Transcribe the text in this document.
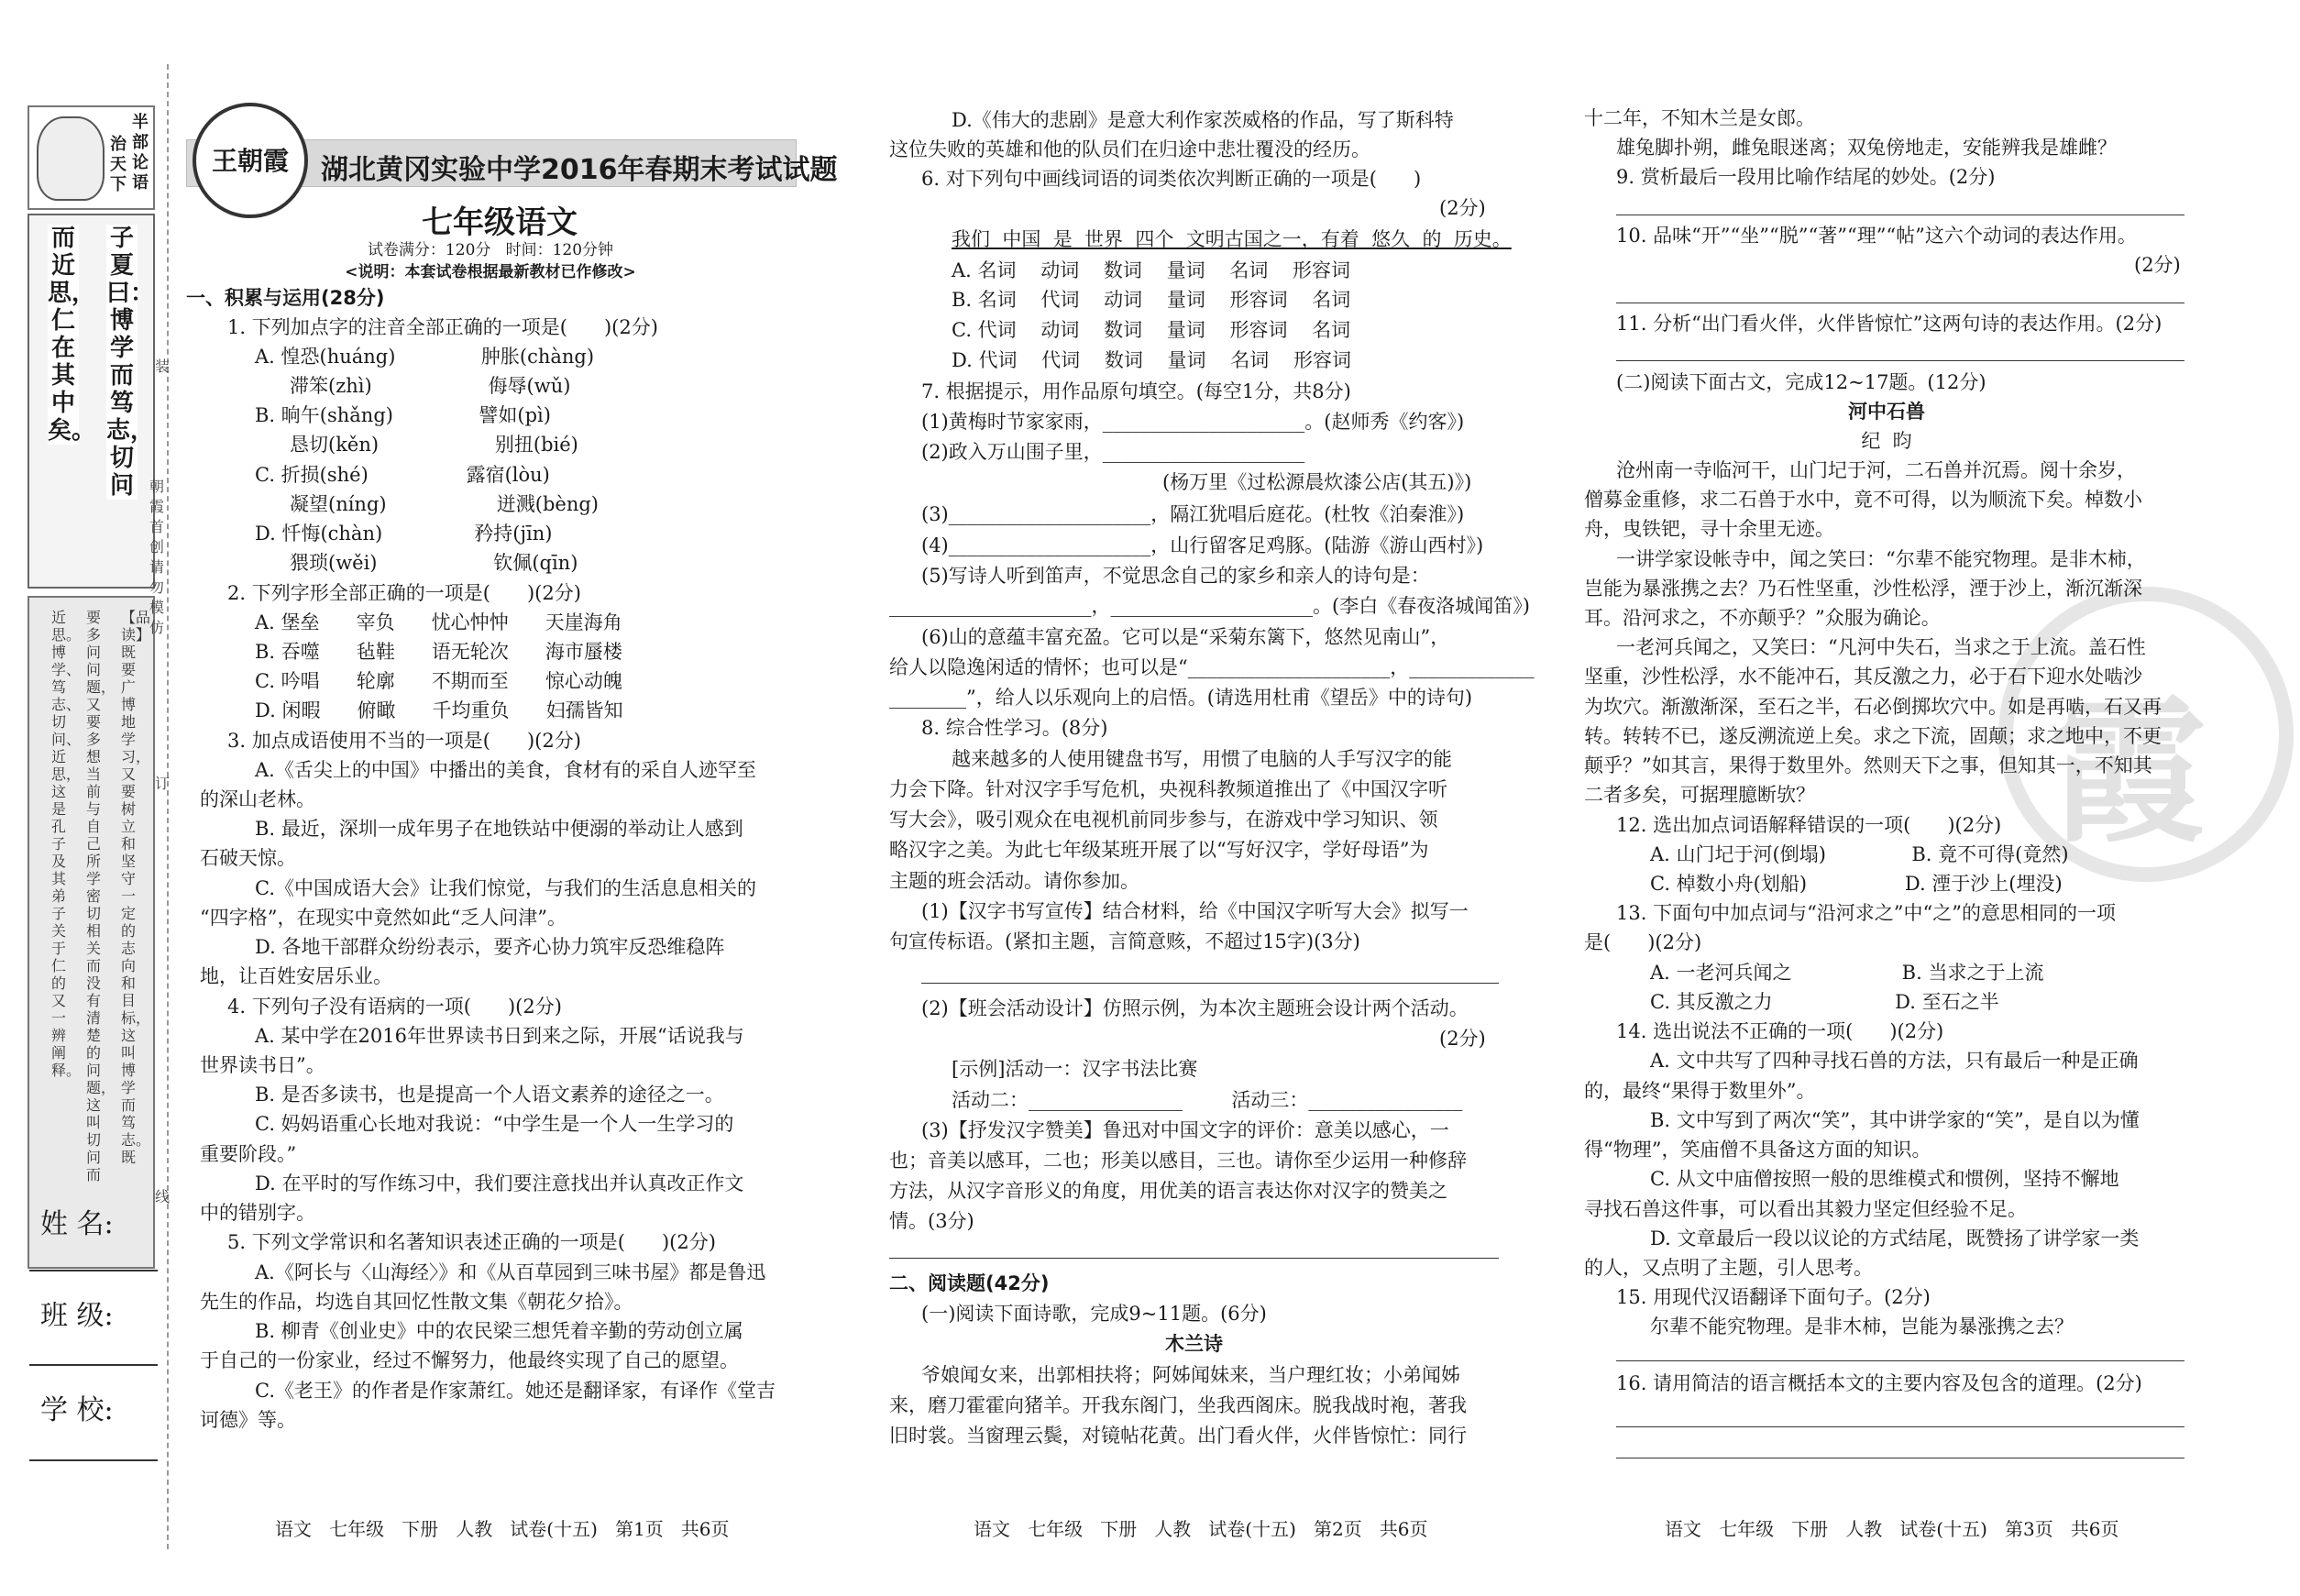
半部论语
治天下
子夏曰：博学而笃志，切问
而近思，仁在其中矣。
【品读】既要广博地学习，又要树立和坚守一定的志向和目标，这叫博学而笃志。既
要多问问题，又要多想当前与自己所学密切相关而没有清楚的问题，这叫切问而
近思。博学、笃志、切问、近思，这是孔子及其弟子关于仁的又一辨阐释。
姓 名:
班 级:
学 校:
装
订
线
朝霞首创 请勿模仿
王朝霞	湖北黄冈实验中学2016年春期末考试试题
七年级语文
试卷满分：120分   时间：120分钟
<说明：本套试卷根据最新教材已作修改>
一、积累与运用(28分)
1. 下列加点字的注音全部正确的一项是(      )(2分)
A. 惶恐(huáng)              肿胀(chàng)
滞笨(zhì)                   侮辱(wǔ)
B. 晌午(shǎng)              譬如(pì)
恳切(kěn)                   别扭(bié)
C. 折损(shé)                露宿(lòu)
凝望(níng)                  迸溅(bèng)
D. 忏悔(chàn)               矜持(jīn)
猥琐(wěi)                   钦佩(qīn)
2. 下列字形全部正确的一项是(      )(2分)
A. 堡垒      宰负      忧心忡忡      天崖海角
B. 吞噬      毡鞋      语无轮次      海市蜃楼
C. 吟唱      轮廓      不期而至      惊心动魄
D. 闲暇      俯瞰      千均重负      妇孺皆知
3. 加点成语使用不当的一项是(      )(2分)
A.《舌尖上的中国》中播出的美食，食材有的采自人迹罕至
的深山老林。
B. 最近，深圳一成年男子在地铁站中便溺的举动让人感到
石破天惊。
C.《中国成语大会》让我们惊觉，与我们的生活息息相关的
“四字格”，在现实中竟然如此“乏人问津”。
D. 各地干部群众纷纷表示，要齐心协力筑牢反恐维稳阵
地，让百姓安居乐业。
4. 下列句子没有语病的一项(      )(2分)
A. 某中学在2016年世界读书日到来之际，开展“话说我与
世界读书日”。
B. 是否多读书，也是提高一个人语文素养的途径之一。
C. 妈妈语重心长地对我说：“中学生是一个人一生学习的
重要阶段。”
D. 在平时的写作练习中，我们要注意找出并认真改正作文
中的错别字。
5. 下列文学常识和名著知识表述正确的一项是(      )(2分)
A.《阿长与〈山海经〉》和《从百草园到三味书屋》都是鲁迅
先生的作品，均选自其回忆性散文集《朝花夕拾》。
B. 柳青《创业史》中的农民梁三想凭着辛勤的劳动创立属
于自己的一份家业，经过不懈努力，他最终实现了自己的愿望。
C.《老王》的作者是作家萧红。她还是翻译家，有译作《堂吉
诃德》等。
语文   七年级   下册   人教   试卷(十五)   第1页   共6页
D.《伟大的悲剧》是意大利作家茨威格的作品，写了斯科特
这位失败的英雄和他的队员们在归途中悲壮覆没的经历。
6. 对下列句中画线词语的词类依次判断正确的一项是(      )
(2分)
我们  中国  是  世界  四个  文明古国之一，有着  悠久  的  历史。
A. 名词    动词    数词    量词    名词    形容词
B. 名词    代词    动词    量词    形容词    名词
C. 代词    动词    数词    量词    形容词    名词
D. 代词    代词    数词    量词    名词    形容词
7. 根据提示，用作品原句填空。(每空1分，共8分)
(1)黄梅时节家家雨，_____________________。(赵师秀《约客》)
(2)政入万山围子里，_____________________
(杨万里《过松源晨炊漆公店(其五)》)
(3)_____________________，隔江犹唱后庭花。(杜牧《泊秦淮》)
(4)_____________________，山行留客足鸡豚。(陆游《游山西村》)
(5)写诗人听到笛声，不觉思念自己的家乡和亲人的诗句是：
_____________________，_____________________。(李白《春夜洛城闻笛》)
(6)山的意蕴丰富充盈。它可以是“采菊东篱下，悠然见南山”，
给人以隐逸闲适的情怀；也可以是“_____________________，_____________
________”，给人以乐观向上的启悟。(请选用杜甫《望岳》中的诗句)
8. 综合性学习。(8分)
越来越多的人使用键盘书写，用惯了电脑的人手写汉字的能
力会下降。针对汉字手写危机，央视科教频道推出了《中国汉字听
写大会》，吸引观众在电视机前同步参与，在游戏中学习知识、领
略汉字之美。为此七年级某班开展了以“写好汉字，学好母语”为
主题的班会活动。请你参加。
(1)【汉字书写宣传】结合材料，给《中国汉字听写大会》拟写一
句宣传标语。(紧扣主题，言简意赅，不超过15字)(3分)
(2)【班会活动设计】仿照示例，为本次主题班会设计两个活动。
(2分)
[示例]活动一：汉字书法比赛
活动二：________________        活动三：________________
(3)【抒发汉字赞美】鲁迅对中国文字的评价：意美以感心，一
也；音美以感耳，二也；形美以感目，三也。请你至少运用一种修辞
方法，从汉字音形义的角度，用优美的语言表达你对汉字的赞美之
情。(3分)
二、阅读题(42分)
(一)阅读下面诗歌，完成9~11题。(6分)
木兰诗
爷娘闻女来，出郭相扶将；阿姊闻妹来，当户理红妆；小弟闻姊
来，磨刀霍霍向猪羊。开我东阁门，坐我西阁床。脱我战时袍，著我
旧时裳。当窗理云鬓，对镜帖花黄。出门看火伴，火伴皆惊忙：同行
语文   七年级   下册   人教   试卷(十五)   第2页   共6页
霞
十二年，不知木兰是女郎。
雄兔脚扑朔，雌兔眼迷离；双兔傍地走，安能辨我是雄雌？
9. 赏析最后一段用比喻作结尾的妙处。(2分)
10. 品味“开”“坐”“脱”“著”“理”“帖”这六个动词的表达作用。
(2分)
11. 分析“出门看火伴，火伴皆惊忙”这两句诗的表达作用。(2分)
(二)阅读下面古文，完成12~17题。(12分)
河中石兽
纪  昀
沧州南一寺临河干，山门圮于河，二石兽并沉焉。阅十余岁，
僧募金重修，求二石兽于水中，竟不可得，以为顺流下矣。棹数小
舟，曳铁钯，寻十余里无迹。
一讲学家设帐寺中，闻之笑曰：“尔辈不能究物理。是非木柿，
岂能为暴涨携之去？乃石性坚重，沙性松浮，湮于沙上，渐沉渐深
耳。沿河求之，不亦颠乎？”众服为确论。
一老河兵闻之，又笑曰：“凡河中失石，当求之于上流。盖石性
坚重，沙性松浮，水不能冲石，其反激之力，必于石下迎水处啮沙
为坎穴。渐激渐深，至石之半，石必倒掷坎穴中。如是再啮，石又再
转。转转不已，遂反溯流逆上矣。求之下流，固颠；求之地中，不更
颠乎？”如其言，果得于数里外。然则天下之事，但知其一，不知其
二者多矣，可据理臆断欤？
12. 选出加点词语解释错误的一项(      )(2分)
A. 山门圮于河(倒塌)              B. 竟不可得(竟然)
C. 棹数小舟(划船)                D. 湮于沙上(埋没)
13. 下面句中加点词与“沿河求之”中“之”的意思相同的一项
是(      )(2分)
A. 一老河兵闻之                  B. 当求之于上流
C. 其反激之力                    D. 至石之半
14. 选出说法不正确的一项(      )(2分)
A. 文中共写了四种寻找石兽的方法，只有最后一种是正确
的，最终“果得于数里外”。
B. 文中写到了两次“笑”，其中讲学家的“笑”，是自以为懂
得“物理”，笑庙僧不具备这方面的知识。
C. 从文中庙僧按照一般的思维模式和惯例，坚持不懈地
寻找石兽这件事，可以看出其毅力坚定但经验不足。
D. 文章最后一段以议论的方式结尾，既赞扬了讲学家一类
的人，又点明了主题，引人思考。
15. 用现代汉语翻译下面句子。(2分)
尔辈不能究物理。是非木柿，岂能为暴涨携之去？
16. 请用简洁的语言概括本文的主要内容及包含的道理。(2分)
语文   七年级   下册   人教   试卷(十五)   第3页   共6页
